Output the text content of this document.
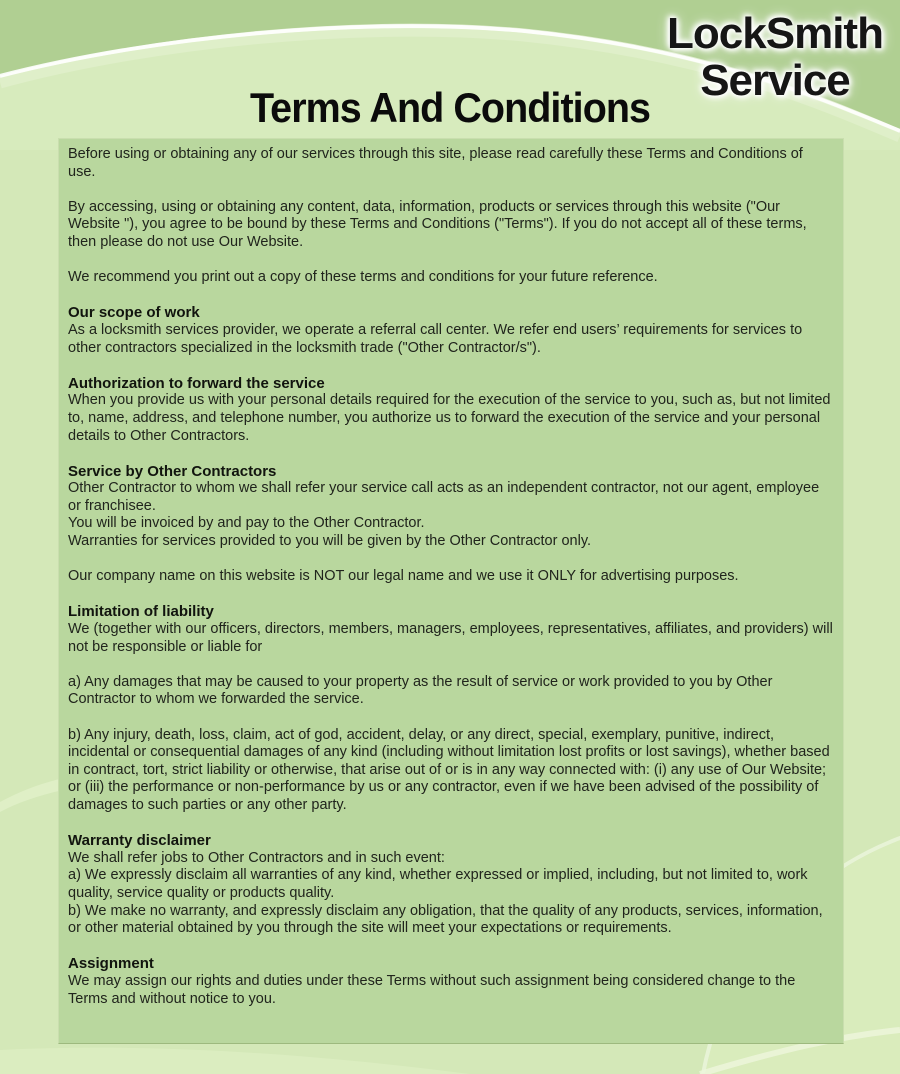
LockSmith
Service
Terms And Conditions

Before using or obtaining any of our services through this site, please read carefully these Terms and Conditions of use.

By accessing, using or obtaining any content, data, information, products or services through this website ("Our Website "), you agree to be bound by these Terms and Conditions ("Terms"). If you do not accept all of these terms, then please do not use Our Website.

We recommend you print out a copy of these terms and conditions for your future reference.

Our scope of work

As a locksmith services provider, we operate a referral call center. We refer end users’ requirements for services to other contractors specialized in the locksmith trade ("Other Contractor/s").

Authorization to forward the service

When you provide us with your personal details required for the execution of the service to you, such as, but not limited to, name, address, and telephone number, you authorize us to forward the execution of the service and your personal details to Other Contractors.

Service by Other Contractors

Other Contractor to whom we shall refer your service call acts as an independent contractor, not our agent, employee or franchisee.

You will be invoiced by and pay to the Other Contractor.

Warranties for services provided to you will be given by the Other Contractor only.

Our company name on this website is NOT our legal name and we use it ONLY for advertising purposes.

Limitation of liability

We (together with our officers, directors, members, managers, employees, representatives, affiliates, and providers) will not be responsible or liable for

a) Any damages that may be caused to your property as the result of service or work provided to you by Other Contractor to whom we forwarded the service.

b) Any injury, death, loss, claim, act of god, accident, delay, or any direct, special, exemplary, punitive, indirect, incidental or consequential damages of any kind (including without limitation lost profits or lost savings), whether based in contract, tort, strict liability or otherwise, that arise out of or is in any way connected with: (i) any use of Our Website; or (iii) the performance or non-performance by us or any contractor, even if we have been advised of the possibility of damages to such parties or any other party.

Warranty disclaimer

We shall refer jobs to Other Contractors and in such event:

a) We expressly disclaim all warranties of any kind, whether expressed or implied, including, but not limited to, work quality, service quality or products quality.

b) We make no warranty, and expressly disclaim any obligation, that the quality of any products, services, information, or other material obtained by you through the site will meet your expectations or requirements.

Assignment

We may assign our rights and duties under these Terms without such assignment being considered change to the Terms and without notice to you.
